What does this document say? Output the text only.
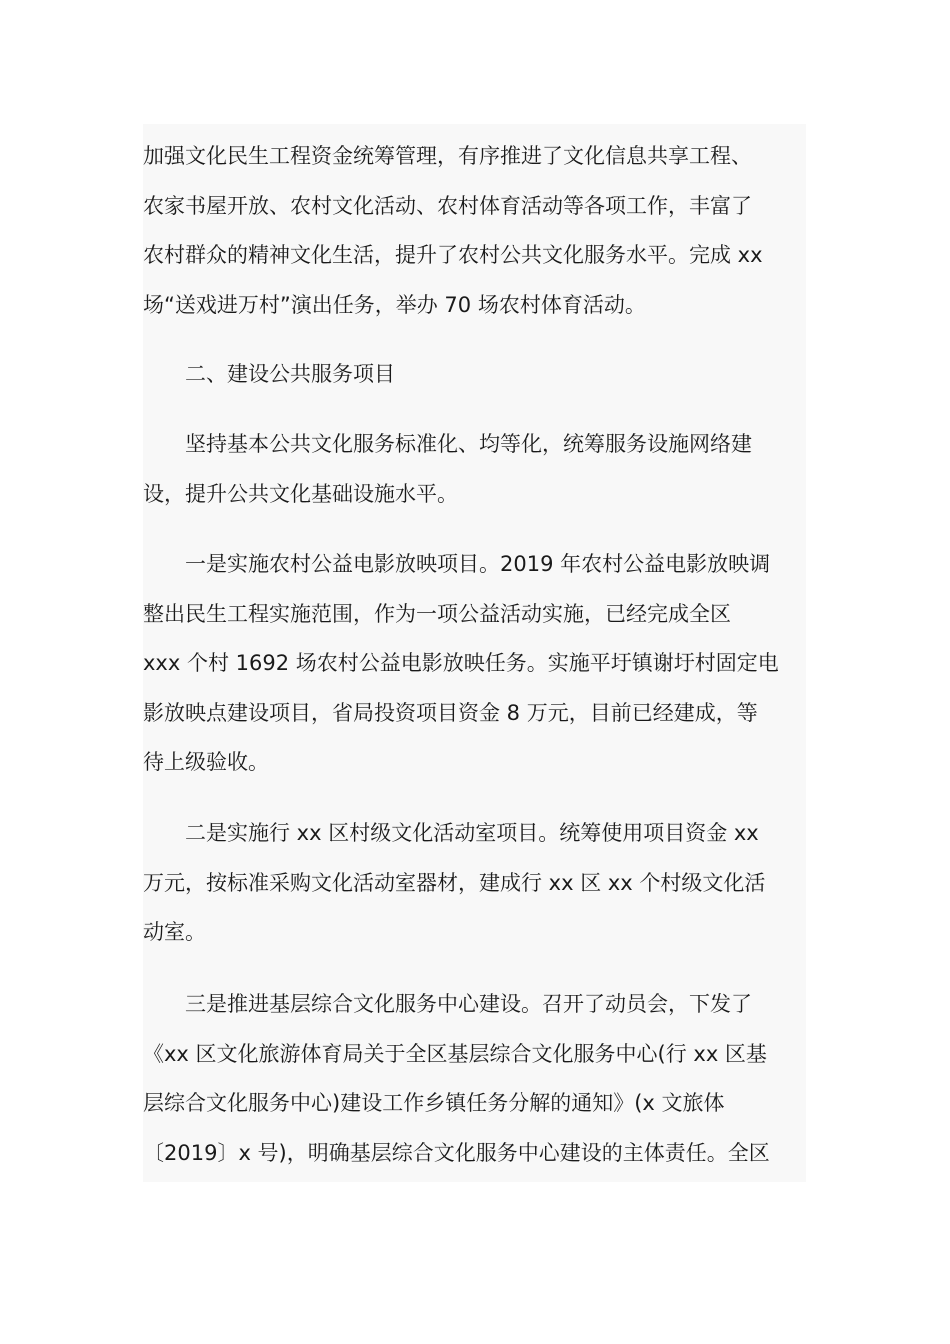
加强文化民生工程资金统筹管理，有序推进了文化信息共享工程、
农家书屋开放、农村文化活动、农村体育活动等各项工作，丰富了
农村群众的精神文化生活，提升了农村公共文化服务水平。完成 xx
场“送戏进万村”演出任务，举办 70 场农村体育活动。

　　二、建设公共服务项目

　　坚持基本公共文化服务标准化、均等化，统筹服务设施网络建
设，提升公共文化基础设施水平。

　　一是实施农村公益电影放映项目。2019 年农村公益电影放映调
整出民生工程实施范围，作为一项公益活动实施，已经完成全区
xxx 个村 1692 场农村公益电影放映任务。实施平圩镇谢圩村固定电
影放映点建设项目，省局投资项目资金 8 万元，目前已经建成，等
待上级验收。

　　二是实施行 xx 区村级文化活动室项目。统筹使用项目资金 xx
万元，按标准采购文化活动室器材，建成行 xx 区 xx 个村级文化活
动室。

　　三是推进基层综合文化服务中心建设。召开了动员会，下发了
《xx 区文化旅游体育局关于全区基层综合文化服务中心(行 xx 区基
层综合文化服务中心)建设工作乡镇任务分解的通知》(x 文旅体
〔2019〕x 号)，明确基层综合文化服务中心建设的主体责任。全区
